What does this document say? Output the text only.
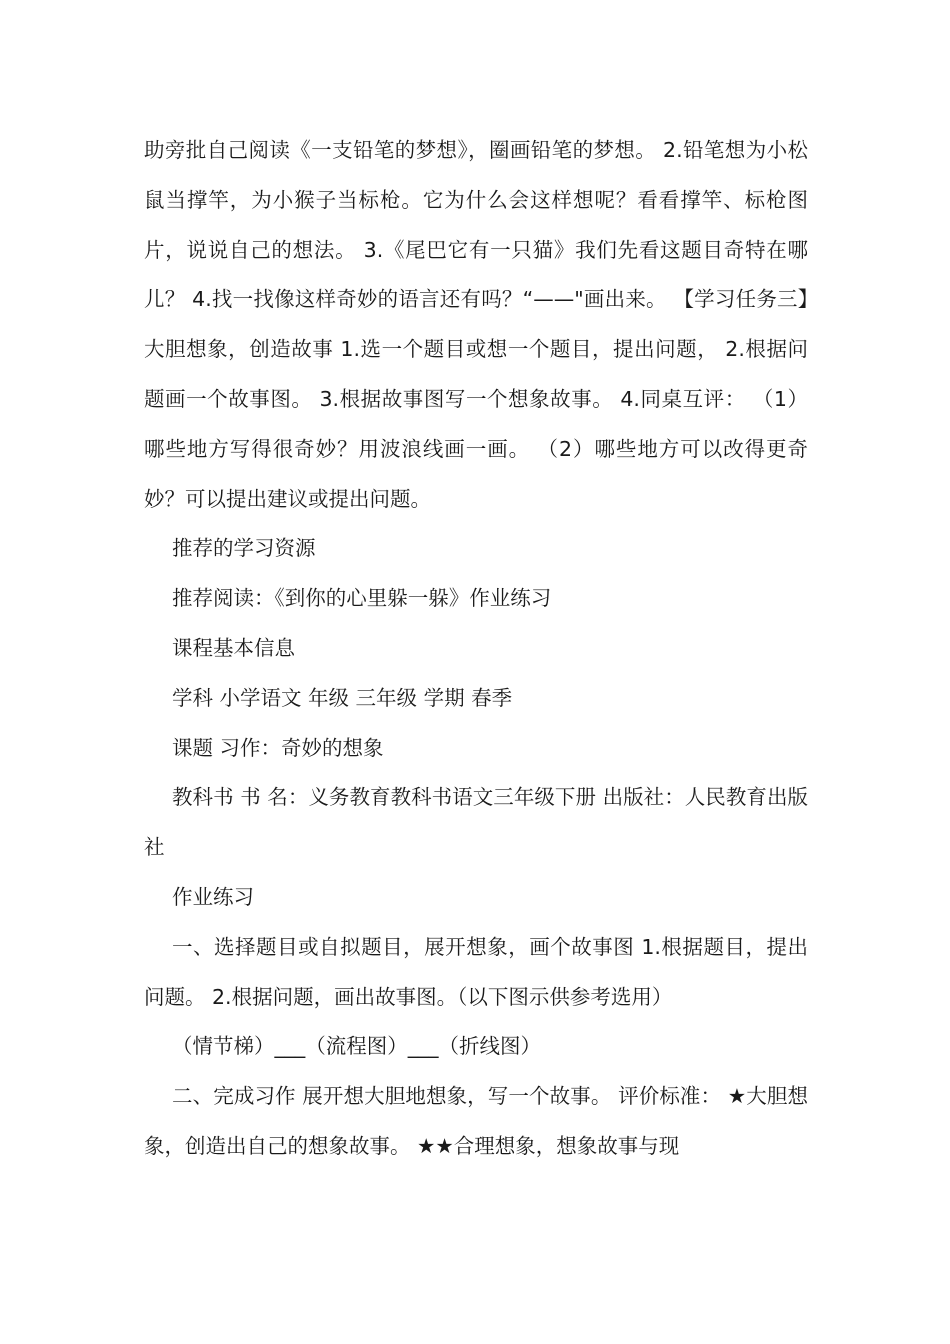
助旁批自己阅读《一支铅笔的梦想》，圈画铅笔的梦想。 2.铅笔想为小松鼠当撑竿，为小猴子当标枪。它为什么会这样想呢？看看撑竿、标枪图片，说说自己的想法。 3.《尾巴它有一只猫》我们先看这题目奇特在哪儿？ 4.找一找像这样奇妙的语言还有吗？“——"画出来。 【学习任务三】大胆想象，创造故事 1.选一个题目或想一个题目，提出问题， 2.根据问题画一个故事图。 3.根据故事图写一个想象故事。 4.同桌互评： （1）哪些地方写得很奇妙？用波浪线画一画。 （2）哪些地方可以改得更奇妙？可以提出建议或提出问题。

推荐的学习资源

推荐阅读：《到你的心里躲一躲》作业练习

课程基本信息

学科 小学语文 年级 三年级 学期 春季

课题 习作：奇妙的想象

教科书 书 名：义务教育教科书语文三年级下册 出版社：人民教育出版社

作业练习

一、选择题目或自拟题目，展开想象，画个故事图 1.根据题目，提出问题。 2.根据问题，画出故事图。（以下图示供参考选用）

（情节梯）___（流程图）___（折线图）

二、完成习作 展开想大胆地想象，写一个故事。 评价标准： ★大胆想象，创造出自己的想象故事。 ★★合理想象，想象故事与现
